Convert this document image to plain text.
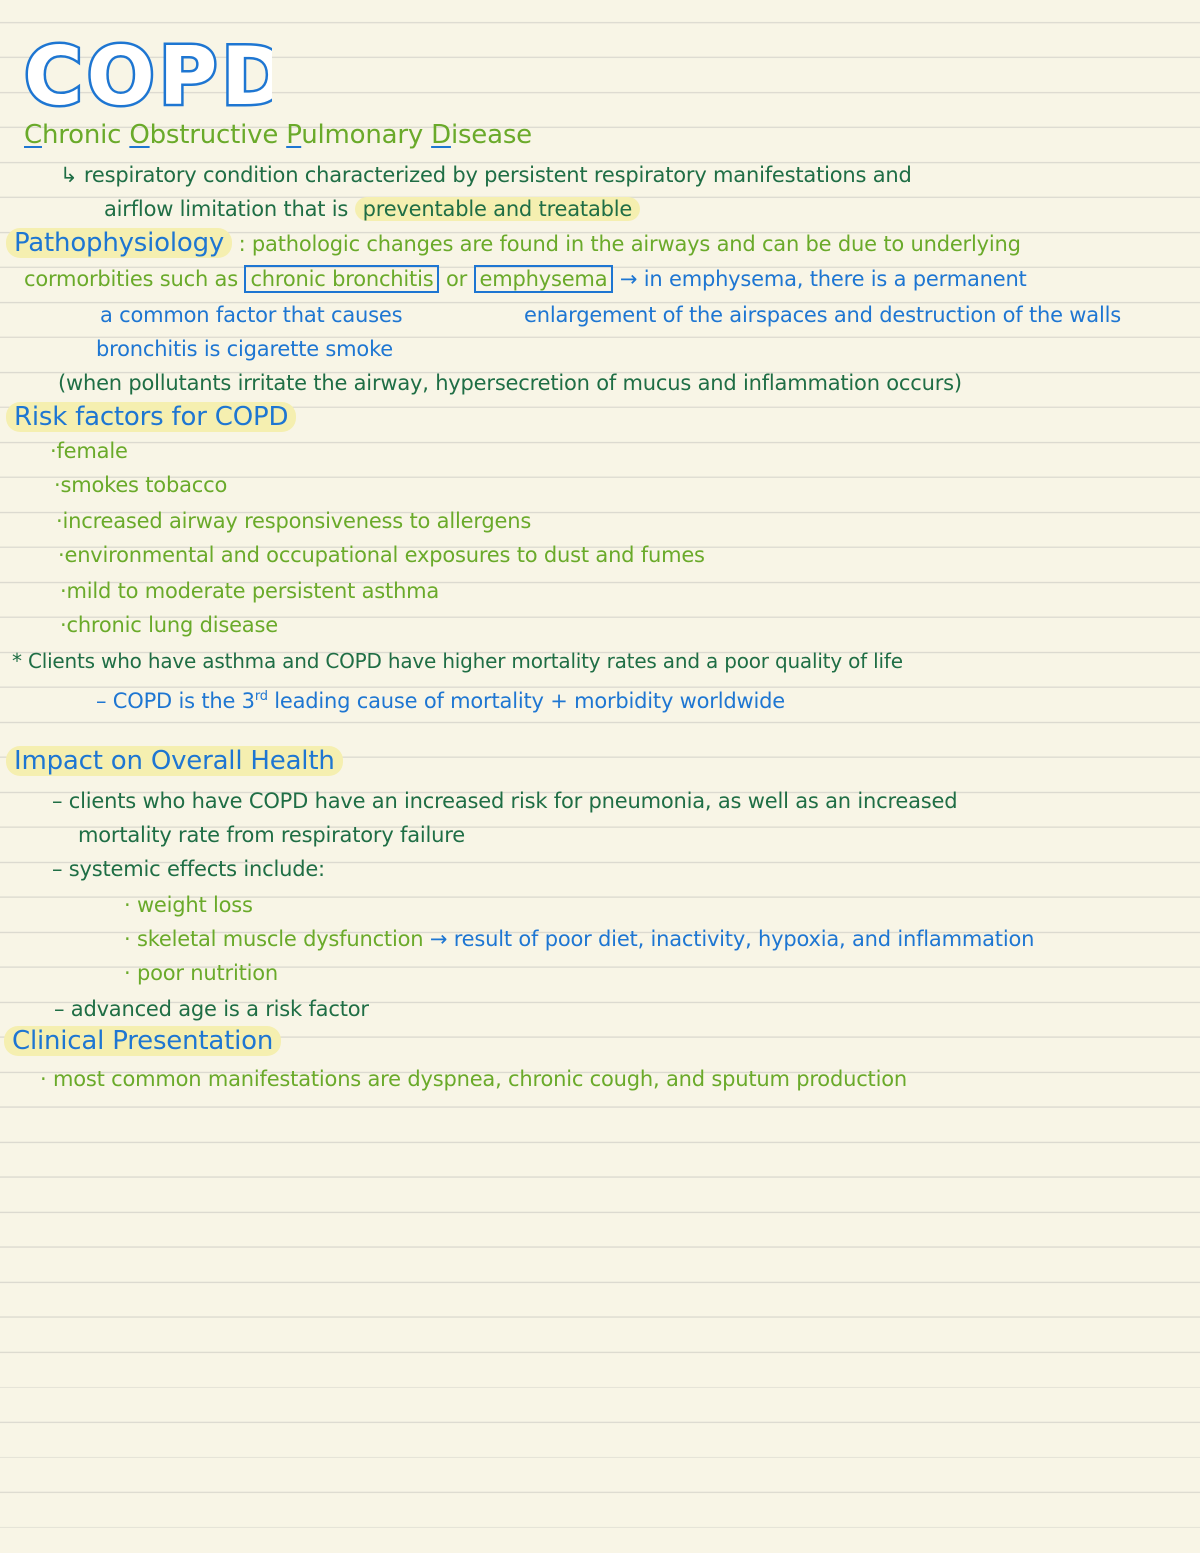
COPD
Chronic Obstructive Pulmonary Disease
↳ respiratory condition characterized by persistent respiratory manifestations and
airflow limitation that is preventable and treatable
Pathophysiology : pathologic changes are found in the airways and can be due to underlying
cormorbities such as chronic bronchitis or emphysema → in emphysema, there is a permanent
a common factor that causes	enlargement of the airspaces and destruction of the walls
bronchitis is cigarette smoke
(when pollutants irritate the airway, hypersecretion of mucus and inflammation occurs)
Risk factors for COPD
·female
·smokes tobacco
·increased airway responsiveness to allergens
·environmental and occupational exposures to dust and fumes
·mild to moderate persistent asthma
·chronic lung disease
* Clients who have asthma and COPD have higher mortality rates and a poor quality of life
– COPD is the 3rd leading cause of mortality + morbidity worldwide
Impact on Overall Health
– clients who have COPD have an increased risk for pneumonia, as well as an increased
mortality rate from respiratory failure
– systemic effects include:
· weight loss
· skeletal muscle dysfunction → result of poor diet, inactivity, hypoxia, and inflammation
· poor nutrition
– advanced age is a risk factor
Clinical Presentation
· most common manifestations are dyspnea, chronic cough, and sputum production
